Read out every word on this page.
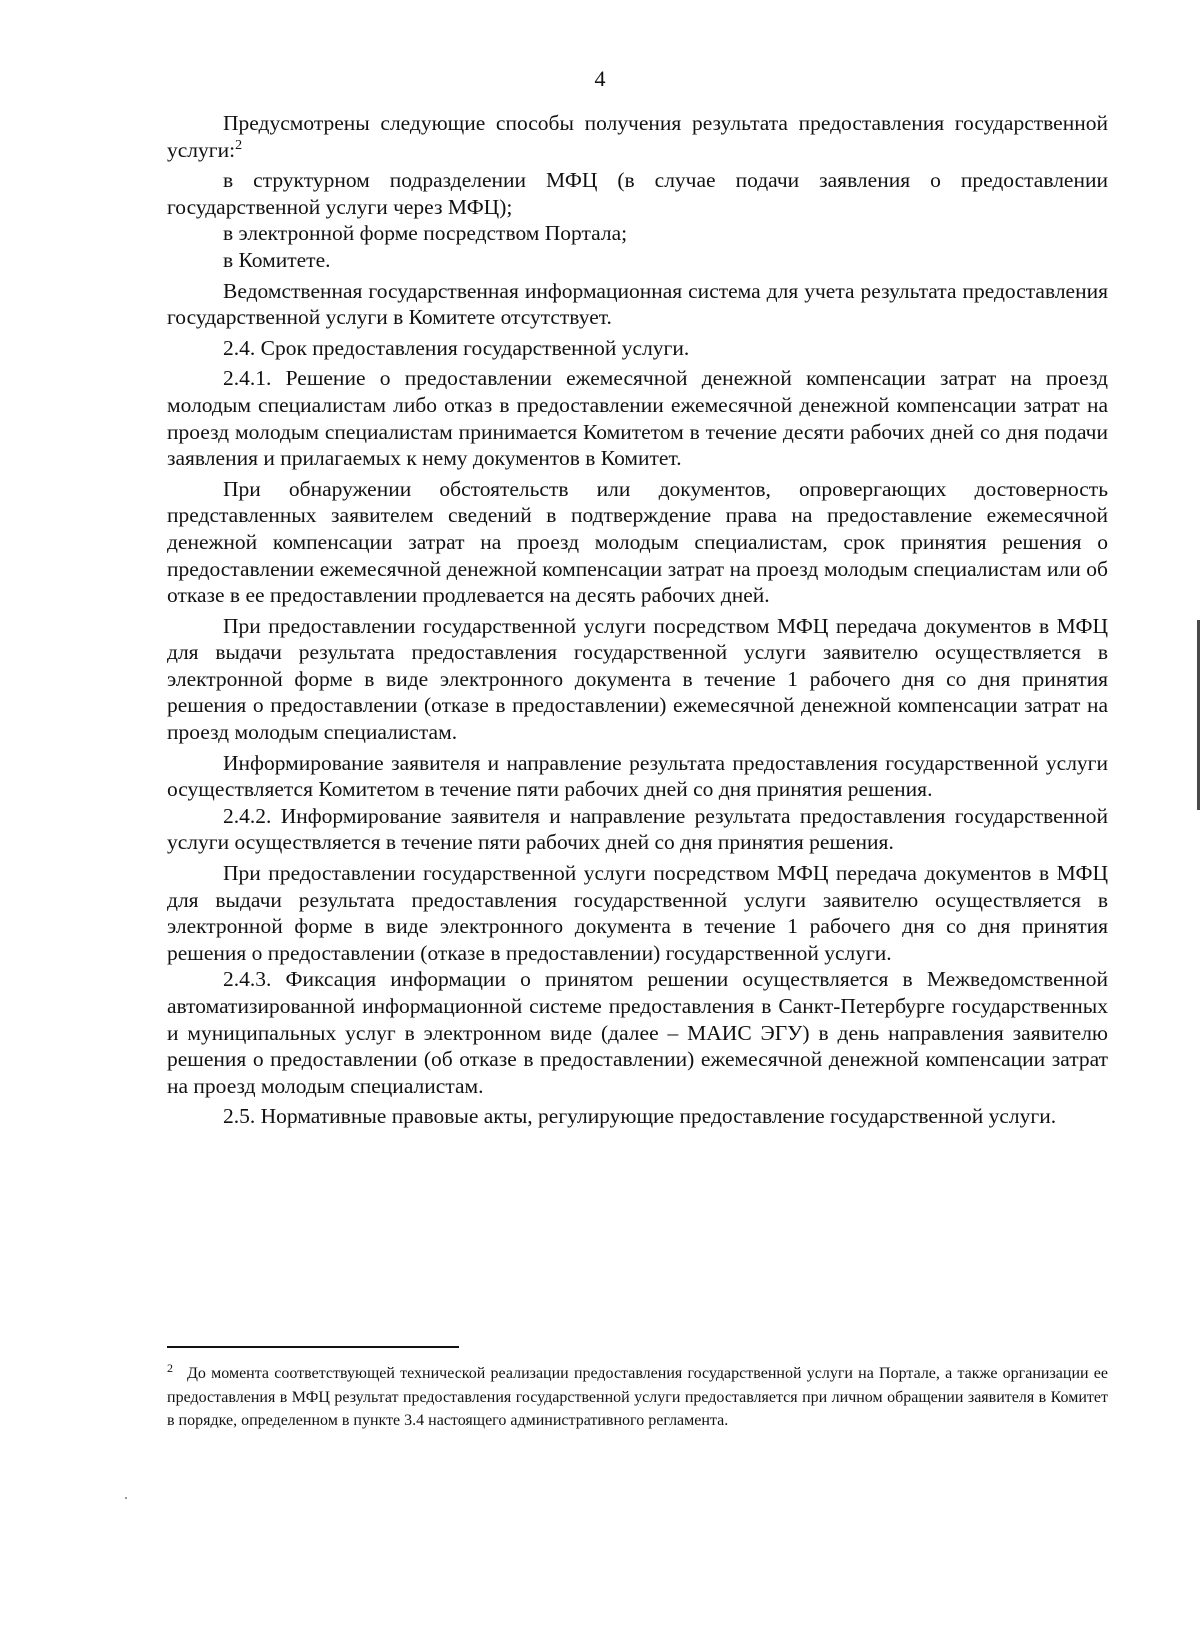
4

Предусмотрены следующие способы получения результата предоставления государственной услуги:$^2$

в структурном подразделении МФЦ (в случае подачи заявления о предоставлении государственной услуги через МФЦ);

в электронной форме посредством Портала;

в Комитете.

Ведомственная государственная информационная система для учета результата предоставления государственной услуги в Комитете отсутствует.

2.4. Срок предоставления государственной услуги.

2.4.1. Решение о предоставлении ежемесячной денежной компенсации затрат на проезд молодым специалистам либо отказ в предоставлении ежемесячной денежной компенсации затрат на проезд молодым специалистам принимается Комитетом в течение десяти рабочих дней со дня подачи заявления и прилагаемых к нему документов в Комитет.

При обнаружении обстоятельств или документов, опровергающих достоверность представленных заявителем сведений в подтверждение права на предоставление ежемесячной денежной компенсации затрат на проезд молодым специалистам, срок принятия решения о предоставлении ежемесячной денежной компенсации затрат на проезд молодым специалистам или об отказе в ее предоставлении продлевается на десять рабочих дней.

При предоставлении государственной услуги посредством МФЦ передача документов в МФЦ для выдачи результата предоставления государственной услуги заявителю осуществляется в электронной форме в виде электронного документа в течение 1 рабочего дня со дня принятия решения о предоставлении (отказе в предоставлении) ежемесячной денежной компенсации затрат на проезд молодым специалистам.

Информирование заявителя и направление результата предоставления государственной услуги осуществляется Комитетом в течение пяти рабочих дней со дня принятия решения.

2.4.2. Информирование заявителя и направление результата предоставления государственной услуги осуществляется в течение пяти рабочих дней со дня принятия решения.

При предоставлении государственной услуги посредством МФЦ передача документов в МФЦ для выдачи результата предоставления государственной услуги заявителю осуществляется в электронной форме в виде электронного документа в течение 1 рабочего дня со дня принятия решения о предоставлении (отказе в предоставлении) государственной услуги.

2.4.3. Фиксация информации о принятом решении осуществляется в Межведомственной автоматизированной информационной системе предоставления в Санкт-Петербурге государственных и муниципальных услуг в электронном виде (далее – МАИС ЭГУ) в день направления заявителю решения о предоставлении (об отказе в предоставлении) ежемесячной денежной компенсации затрат на проезд молодым специалистам.

2.5. Нормативные правовые акты, регулирующие предоставление государственной услуги.

$^2$ До момента соответствующей технической реализации предоставления государственной услуги на Портале, а также организации ее предоставления в МФЦ результат предоставления государственной услуги предоставляется при личном обращении заявителя в Комитет в порядке, определенном в пункте 3.4 настоящего административного регламента.
